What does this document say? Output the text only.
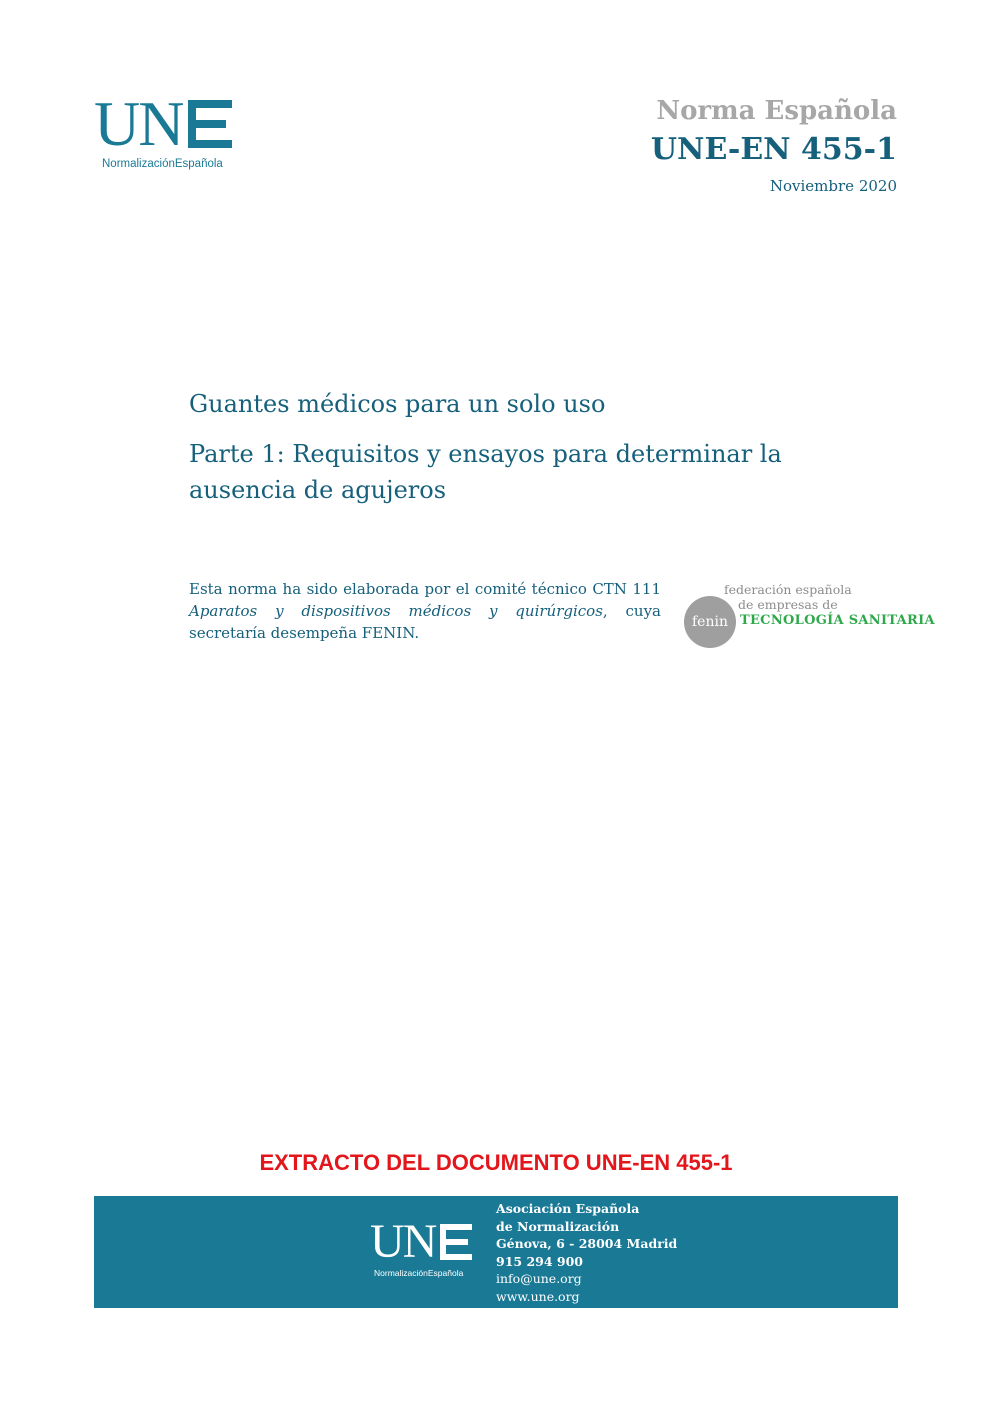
UN
NormalizaciónEspañola
Norma Española
UNE-EN 455-1
Noviembre 2020
Guantes médicos para un solo uso
Parte 1: Requisitos y ensayos para determinar la ausencia de agujeros
Esta norma ha sido elaborada por el comité técnico CTN 111 Aparatos y dispositivos médicos y quirúrgicos, cuya secretaría desempeña FENIN.
fenin
federación española
de empresas de
TECNOLOGÍA SANITARIA
EXTRACTO DEL DOCUMENTO UNE-EN 455-1
UN
NormalizaciónEspañola
Asociación Española
de Normalización
Génova, 6 - 28004 Madrid
915 294 900
info@une.org
www.une.org
